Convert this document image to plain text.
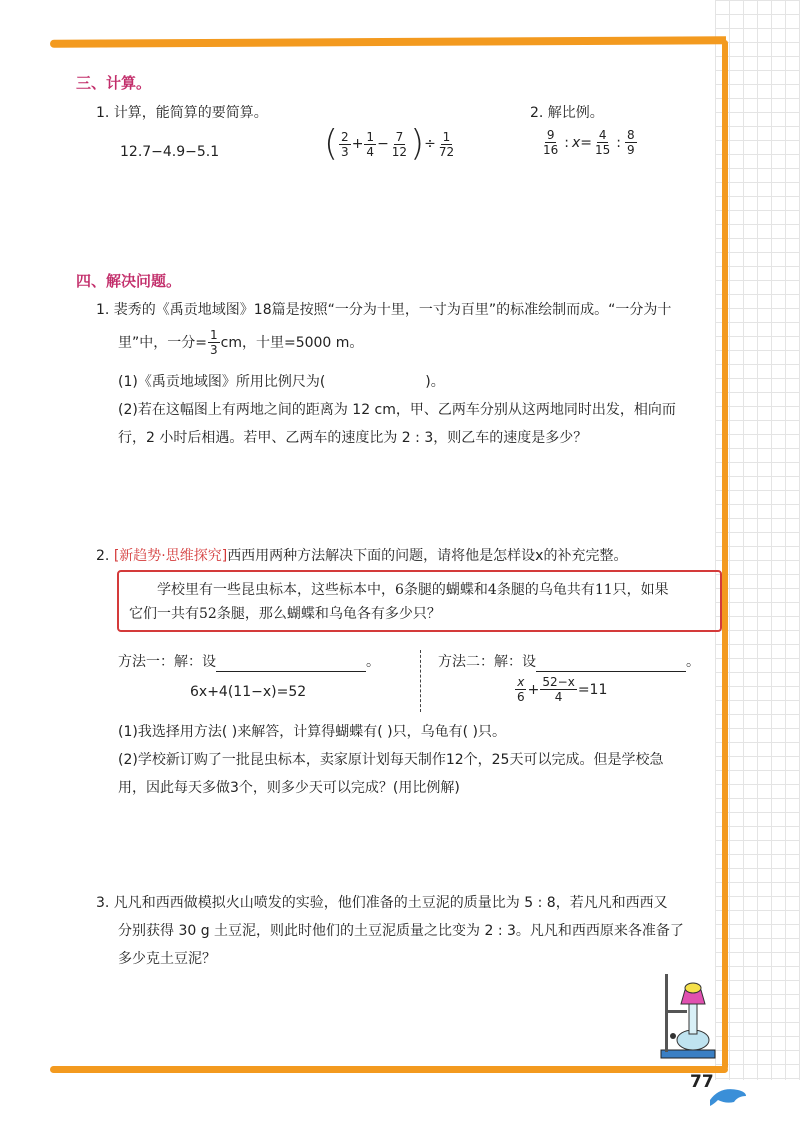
三、计算。
1. 计算，能简算的要简算。	2. 解比例。
12.7−4.9−5.1	( $\frac{2}{3} + \frac{1}{4} - \frac{7}{12}$ ) ÷ $\frac{1}{72}$	$\frac{9}{16}$ : $x= \frac{4}{15}$ : $\frac{8}{9}$
四、解决问题。
1. 裴秀的《禹贡地域图》18篇是按照“一分为十里，一寸为百里”的标准绘制而成。“一分为十
里”中，一分= $\frac{1}{3}$ cm，十里=5000 m。
(1)《禹贡地域图》所用比例尺为(	)。
(2)若在这幅图上有两地之间的距离为 12 cm，甲、乙两车分别从这两地同时出发，相向而
行，2 小时后相遇。若甲、乙两车的速度比为 2 : 3，则乙车的速度是多少？
2. [新趋势·思维探究]西西用两种方法解决下面的问题，请将他是怎样设x的补充完整。
学校里有一些昆虫标本，这些标本中，6条腿的蝴蝶和4条腿的乌龟共有11只，如果
它们一共有52条腿，那么蝴蝶和乌龟各有多少只？
方法一：解：设	。
6x+4(11−x)=52
方法二：解：设	。
$\frac{x}{6} + \frac{52-x}{4} =11$
(1)我选择用方法( )来解答，计算得蝴蝶有( )只，乌龟有( )只。
(2)学校新订购了一批昆虫标本，卖家原计划每天制作12个，25天可以完成。但是学校急
用，因此每天多做3个，则多少天可以完成？(用比例解)
3. 凡凡和西西做模拟火山喷发的实验，他们准备的土豆泥的质量比为 5 : 8，若凡凡和西西又
分别获得 30 g 土豆泥，则此时他们的土豆泥质量之比变为 2 : 3。凡凡和西西原来各准备了
多少克土豆泥？
77
